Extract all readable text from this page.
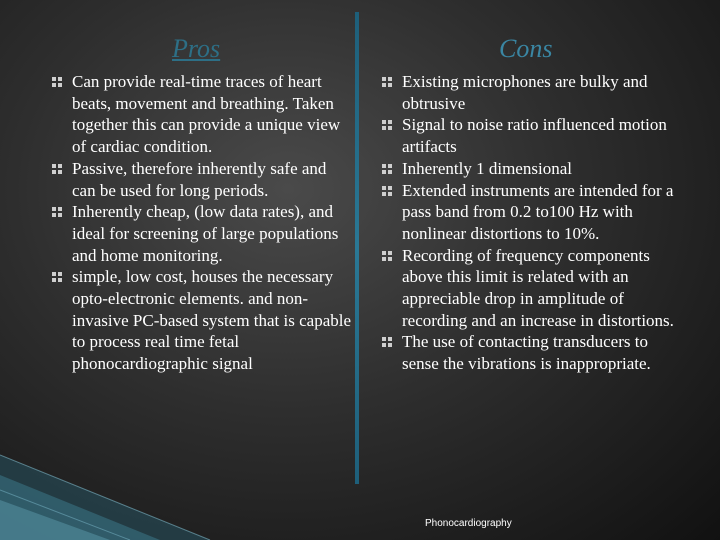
Pros	Cons
Can provide real-time traces of heart beats, movement and breathing. Taken together this can provide a unique view of cardiac condition.
Passive, therefore inherently safe and can be used for long periods.
Inherently cheap, (low data rates), and ideal for screening of large populations and home monitoring.
simple, low cost, houses the necessary opto-electronic elements. and non-invasive PC-based system that is capable to process real time fetal phonocardiographic signal
Existing microphones are bulky and obtrusive
Signal to noise ratio influenced motion artifacts
Inherently 1 dimensional
Extended instruments are intended for a pass band from 0.2 to100 Hz with nonlinear distortions to 10%.
Recording of frequency components above this limit is related with an appreciable drop in amplitude of recording and an increase in distortions.
The use of contacting transducers to sense the vibrations is inappropriate.
Phonocardiography
